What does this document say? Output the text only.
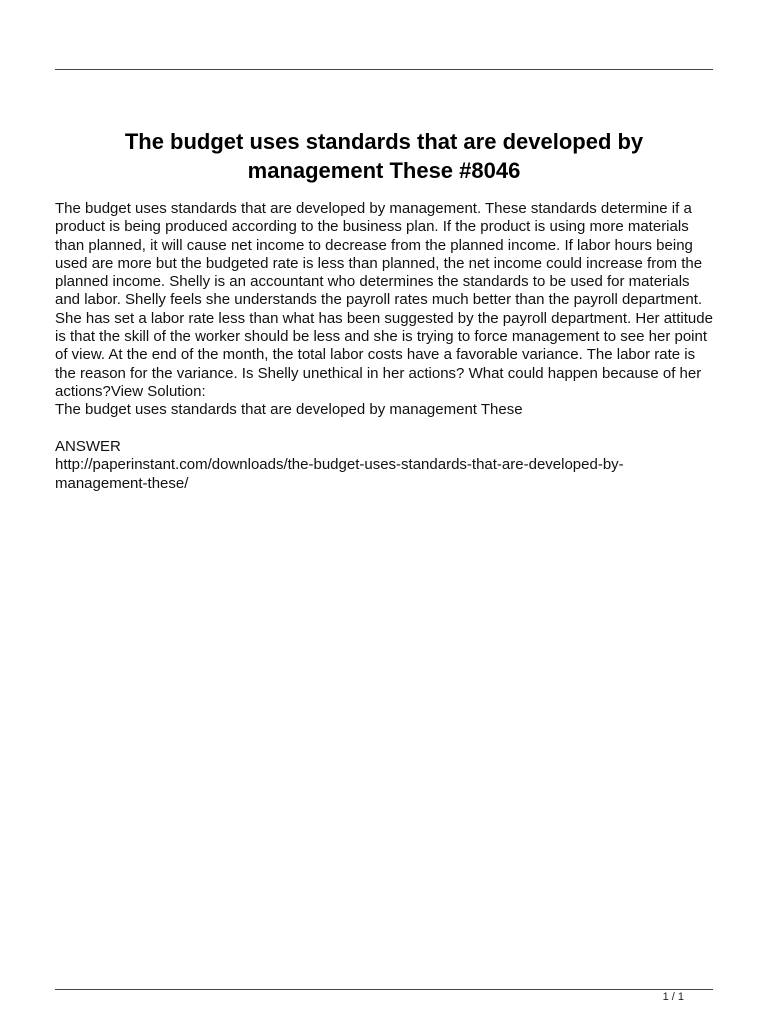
The budget uses standards that are developed by
management These #8046

The budget uses standards that are developed by management. These standards determine if a product is being produced according to the business plan. If the product is using more materials than planned, it will cause net income to decrease from the planned income. If labor hours being used are more but the budgeted rate is less than planned, the net income could increase from the planned income. Shelly is an accountant who determines the standards to be used for materials and labor. Shelly feels she understands the payroll rates much better than the payroll department. She has set a labor rate less than what has been suggested by the payroll department. Her attitude is that the skill of the worker should be less and she is trying to force management to see her point of view. At the end of the month, the total labor costs have a favorable variance. The labor rate is the reason for the variance. Is Shelly unethical in her actions? What could happen because of her actions?View Solution:

The budget uses standards that are developed by management These

ANSWER
http://paperinstant.com/downloads/the-budget-uses-standards-that-are-developed-by-
management-these/
1 / 1
